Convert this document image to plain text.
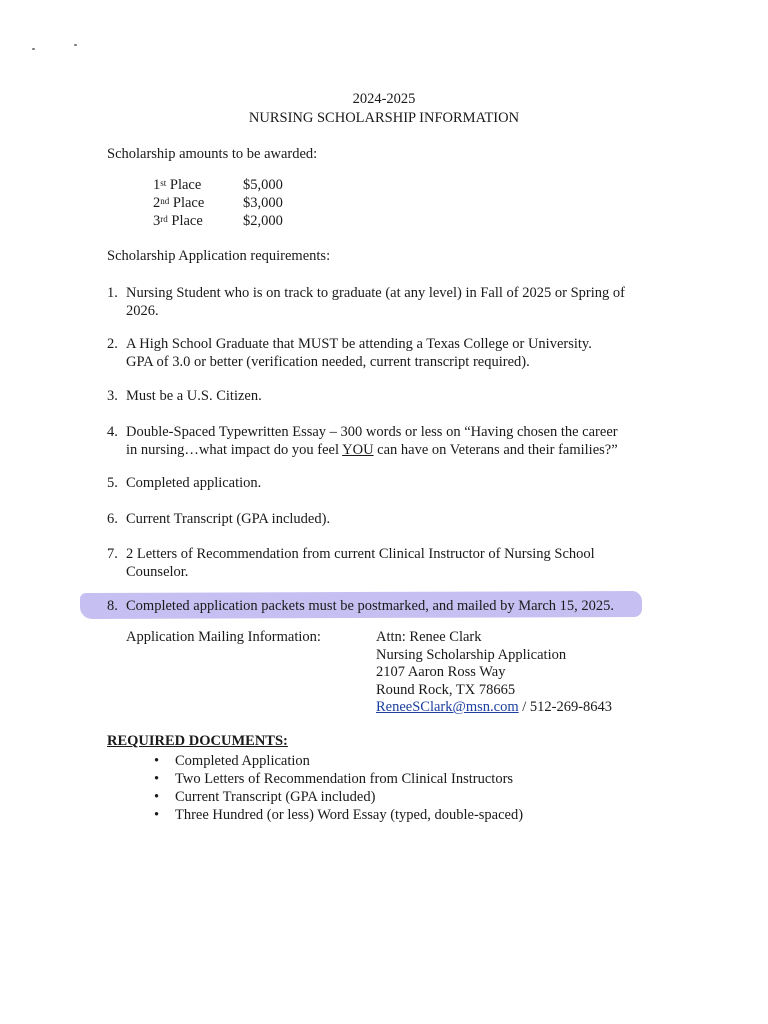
2024-2025
NURSING SCHOLARSHIP INFORMATION
Scholarship amounts to be awarded:
1st Place	$5,000
2nd Place	$3,000
3rd Place	$2,000
Scholarship Application requirements:
1. Nursing Student who is on track to graduate (at any level) in Fall of 2025 or Spring of
2026.
2. A High School Graduate that MUST be attending a Texas College or University.
GPA of 3.0 or better (verification needed, current transcript required).
3. Must be a U.S. Citizen.
4. Double-Spaced Typewritten Essay – 300 words or less on “Having chosen the career
in nursing…what impact do you feel YOU can have on Veterans and their families?”
5. Completed application.
6. Current Transcript (GPA included).
7. 2 Letters of Recommendation from current Clinical Instructor of Nursing School
Counselor.
8. Completed application packets must be postmarked, and mailed by March 15, 2025.
Application Mailing Information:	Attn: Renee Clark
Nursing Scholarship Application
2107 Aaron Ross Way
Round Rock, TX 78665
ReneeSClark@msn.com / 512-269-8643
REQUIRED DOCUMENTS:
• Completed Application
• Two Letters of Recommendation from Clinical Instructors
• Current Transcript (GPA included)
• Three Hundred (or less) Word Essay (typed, double-spaced)
